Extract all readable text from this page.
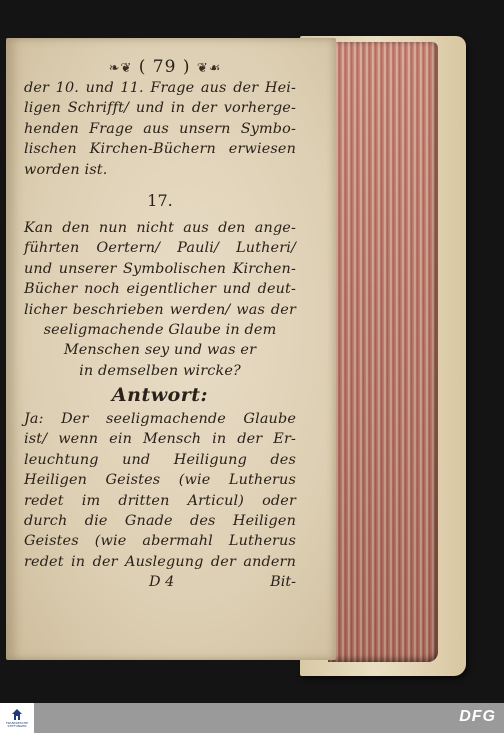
❧❦ ( 79 ) ❦☙
der 10. und 11. Frage aus der Hei-
ligen Schrifft/ und in der vorherge-
henden Frage aus unsern Symbo-
lischen Kirchen-Büchern erwiesen
worden ist.
17.
Kan den nun nicht aus den ange-
führten Oertern/ Pauli/ Lutheri/
und unserer Symbolischen Kirchen-
Bücher noch eigentlicher und deut-
licher beschrieben werden/ was der
seeligmachende Glaube in dem
Menschen sey und was er
in demselben wircke?
Antwort:
Ja: Der seeligmachende Glaube
ist/ wenn ein Mensch in der Er-
leuchtung und Heiligung des
Heiligen Geistes (wie Lutherus
redet im dritten Articul) oder
durch die Gnade des Heiligen
Geistes (wie abermahl Lutherus
redet in der Auslegung der andern
D 4	Bit-
FRANCKESCHE
STIFTUNGEN
DFG
